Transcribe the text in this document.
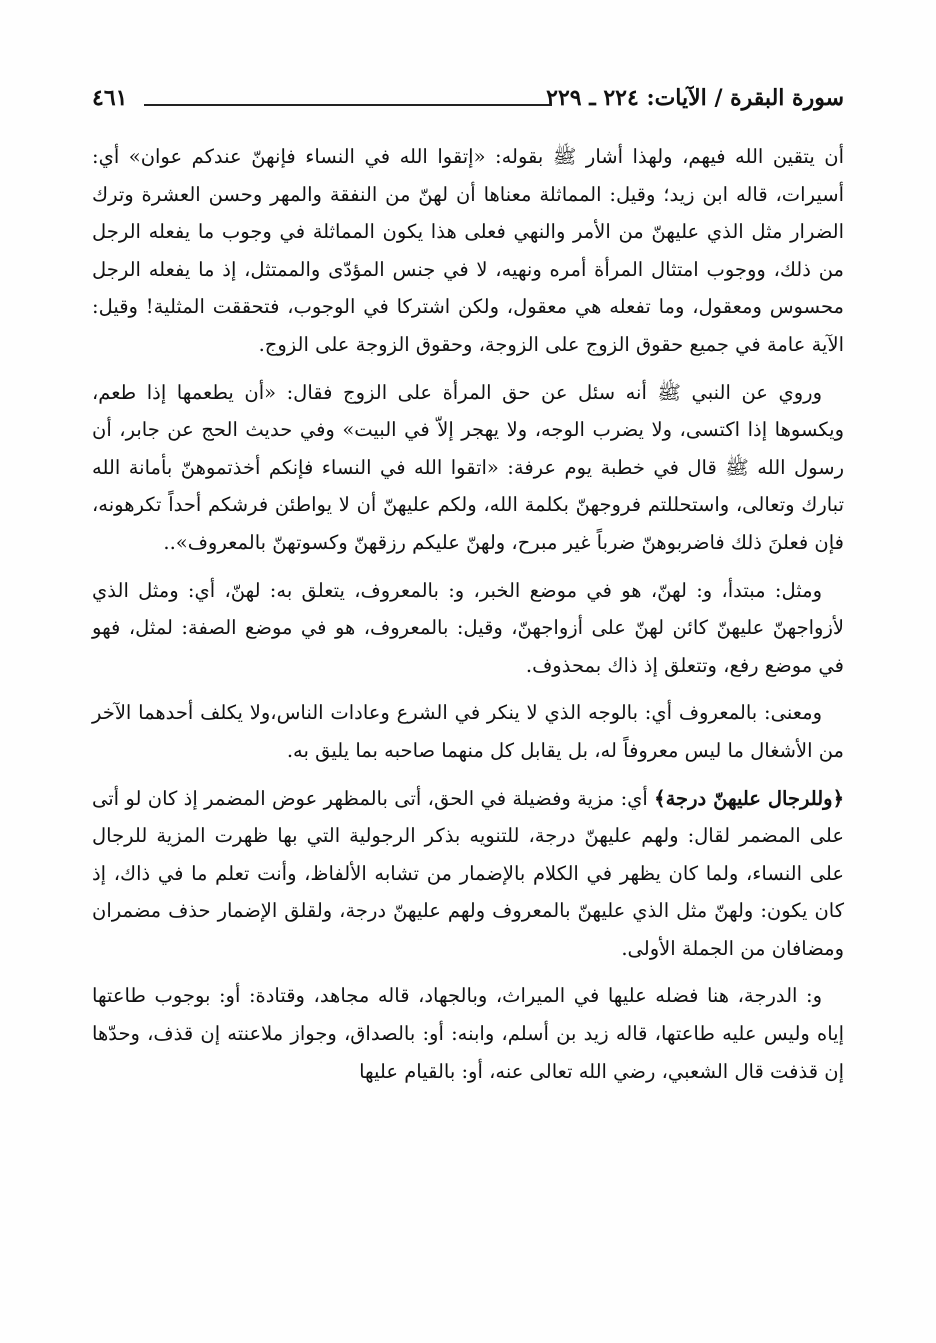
سورة البقرة / الآيات: ٢٢٤ ـ ٢٢٩
٤٦١

أن يتقين الله فيهم، ولهذا أشار ﷺ بقوله: «إتقوا الله في النساء فإنهنّ عندكم عوان» أي: أسيرات، قاله ابن زيد؛ وقيل: المماثلة معناها أن لهنّ من النفقة والمهر وحسن العشرة وترك الضرار مثل الذي عليهنّ من الأمر والنهي فعلى هذا يكون المماثلة في وجوب ما يفعله الرجل من ذلك، ووجوب امتثال المرأة أمره ونهيه، لا في جنس المؤدّى والممتثل، إذ ما يفعله الرجل محسوس ومعقول، وما تفعله هي معقول، ولكن اشتركا في الوجوب، فتحققت المثلية! وقيل: الآية عامة في جميع حقوق الزوج على الزوجة، وحقوق الزوجة على الزوج.

وروي عن النبي ﷺ أنه سئل عن حق المرأة على الزوج فقال: «أن يطعمها إذا طعم، ويكسوها إذا اكتسى، ولا يضرب الوجه، ولا يهجر إلاّ في البيت» وفي حديث الحج عن جابر، أن رسول الله ﷺ قال في خطبة يوم عرفة: «اتقوا الله في النساء فإنكم أخذتموهنّ بأمانة الله تبارك وتعالى، واستحللتم فروجهنّ بكلمة الله، ولكم عليهنّ أن لا يواطئن فرشكم أحداً تكرهونه، فإن فعلنَ ذلك فاضربوهنّ ضرباً غير مبرح، ولهنّ عليكم رزقهنّ وكسوتهنّ بالمعروف»..

ومثل: مبتدأ، و: لهنّ، هو في موضع الخبر، و: بالمعروف، يتعلق به: لهنّ، أي: ومثل الذي لأزواجهنّ عليهنّ كائن لهنّ على أزواجهنّ، وقيل: بالمعروف، هو في موضع الصفة: لمثل، فهو في موضع رفع، وتتعلق إذ ذاك بمحذوف.

ومعنى: بالمعروف أي: بالوجه الذي لا ينكر في الشرع وعادات الناس،ولا يكلف أحدهما الآخر من الأشغال ما ليس معروفاً له، بل يقابل كل منهما صاحبه بما يليق به.

﴿وللرجال عليهنّ درجة﴾ أي: مزية وفضيلة في الحق، أتى بالمظهر عوض المضمر إذ كان لو أتى على المضمر لقال: ولهم عليهنّ درجة، للتنويه بذكر الرجولية التي بها ظهرت المزية للرجال على النساء، ولما كان يظهر في الكلام بالإضمار من تشابه الألفاظ، وأنت تعلم ما في ذاك، إذ كان يكون: ولهنّ مثل الذي عليهنّ بالمعروف ولهم عليهنّ درجة، ولقلق الإضمار حذف مضمران ومضافان من الجملة الأولى.

و: الدرجة، هنا فضله عليها في الميراث، وبالجهاد، قاله مجاهد، وقتادة: أو: بوجوب طاعتها إياه وليس عليه طاعتها، قاله زيد بن أسلم، وابنه: أو: بالصداق، وجواز ملاعنته إن قذف، وحدّها إن قذفت قال الشعبي، رضي الله تعالى عنه، أو: بالقيام عليها
